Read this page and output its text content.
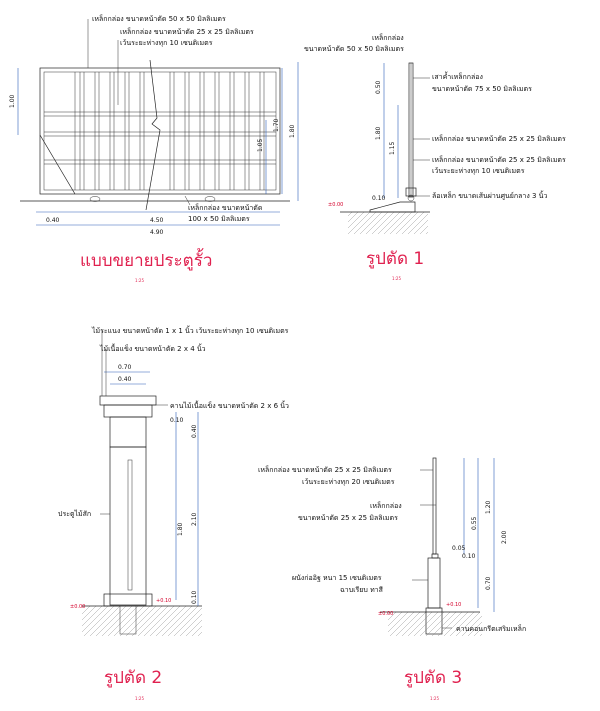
1.00
1.05
1.70 1.80
0.40	4.50
4.90
เหล็กกล่อง ขนาดหน้าตัด 50 x 50 มิลลิเมตร
เหล็กกล่อง ขนาดหน้าตัด 25 x 25 มิลลิเมตร
เว้นระยะห่างทุก 10 เซนติเมตร
เหล็กกล่อง ขนาดหน้าตัด
100 x 50 มิลลิเมตร
แบบขยายประตูรั้ว
1:25
0.50
1.80
1.15
0.10
±0.00
เหล็กกล่อง
ขนาดหน้าตัด 50 x 50 มิลลิเมตร
เสาค้ำเหล็กกล่อง
ขนาดหน้าตัด 75 x 50 มิลลิเมตร
เหล็กกล่อง ขนาดหน้าตัด 25 x 25 มิลลิเมตร
เหล็กกล่อง ขนาดหน้าตัด 25 x 25 มิลลิเมตร
เว้นระยะห่างทุก 10 เซนติเมตร
ล้อเหล็ก ขนาดเส้นผ่านศูนย์กลาง 3 นิ้ว
รูปตัด 1
1:25
0.70
0.40
0.10
0.40
1.80
2.10
0.10
+0.10
±0.00
ไม้ระแนง ขนาดหน้าตัด 1 x 1 นิ้ว เว้นระยะห่างทุก 10 เซนติเมตร
ไม้เนื้อแข็ง ขนาดหน้าตัด 2 x 4 นิ้ว
คานไม้เนื้อแข็ง ขนาดหน้าตัด 2 x 6 นิ้ว
ประตูไม้สัก
รูปตัด 2
1:25
1.20
0.55
0.05
0.10
0.70
2.00
+0.10
±0.00
เหล็กกล่อง ขนาดหน้าตัด 25 x 25 มิลลิเมตร
เว้นระยะห่างทุก 20 เซนติเมตร
เหล็กกล่อง
ขนาดหน้าตัด 25 x 25 มิลลิเมตร
ผนังก่ออิฐ หนา 15 เซนติเมตร
ฉาบเรียบ ทาสี
คานคอนกรีตเสริมเหล็ก
รูปตัด 3
1:25
